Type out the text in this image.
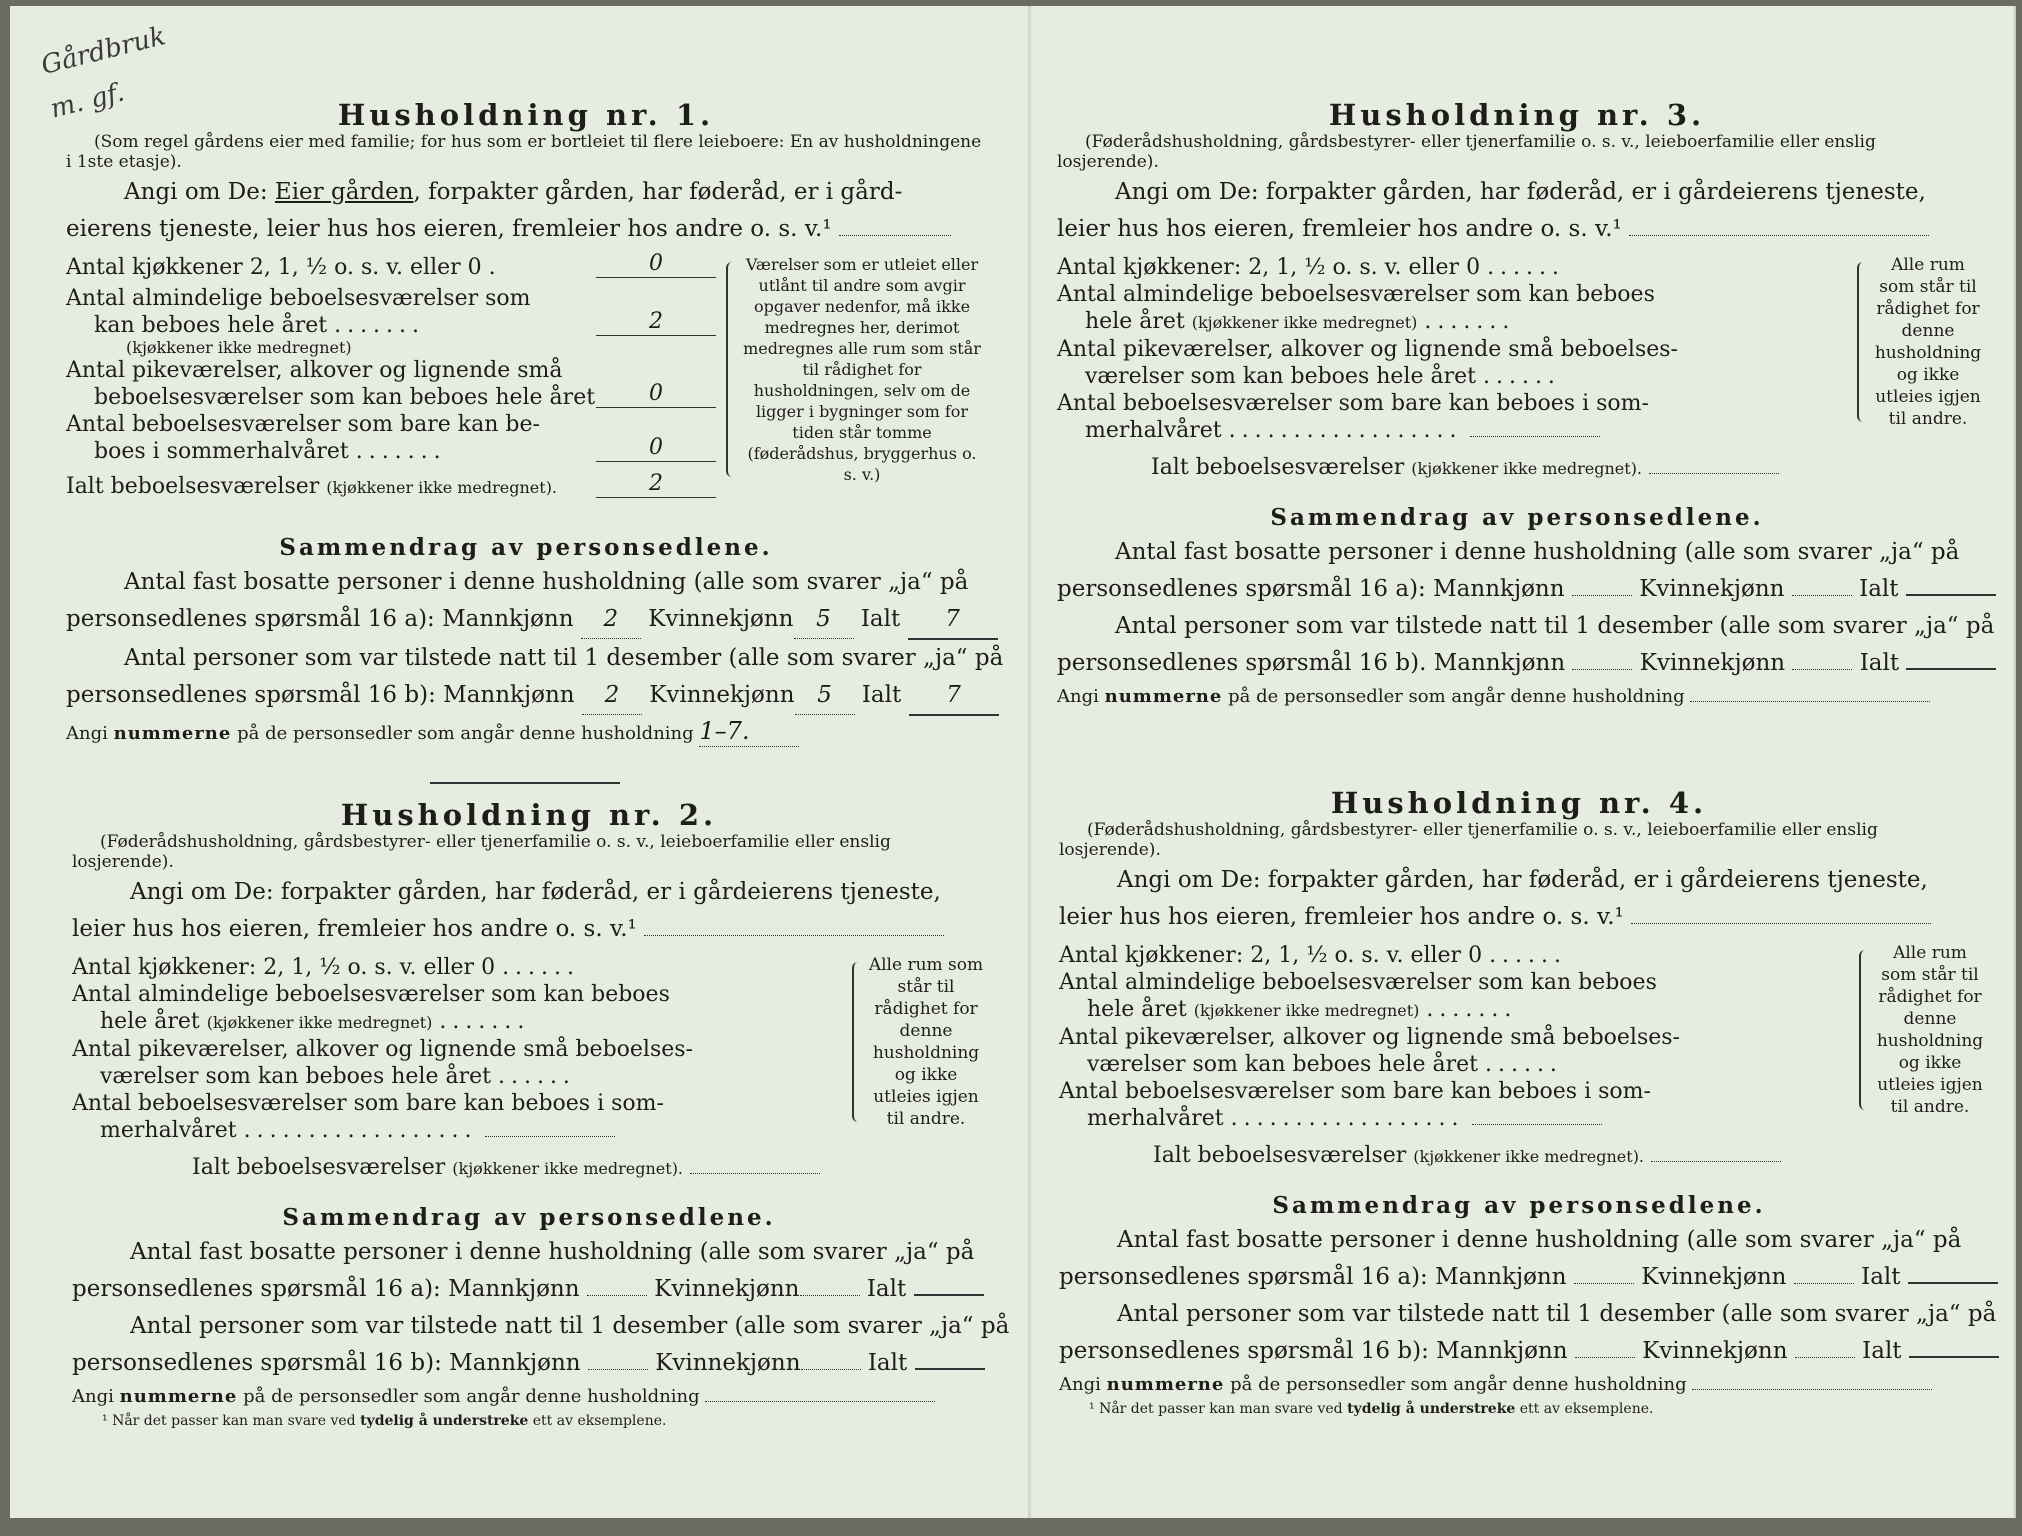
Gårdbruk
m. gf.	Husholdning nr. 1.

(Som regel gårdens eier med familie; for hus som er bortleiet til flere leieboere: En av husholdningene i 1ste etasje).

Angi om De: Eier gården, forpakter gården, har føderåd, er i gård-

eierens tjeneste, leier hus hos eieren, fremleier hos andre o. s. v.¹

Antal kjøkkener 2, 1, ½ o. s. v. eller 0 .	0
Antal almindelige beboelsesværelser som
kan beboes hele året .......	2
(kjøkkener ikke medregnet)
Antal pikeværelser, alkover og lignende små
beboelsesværelser som kan beboes hele året	0
Antal beboelsesværelser som bare kan be-
boes i sommerhalvåret .......	0
Ialt beboelsesværelser (kjøkkener ikke medregnet).	2
Værelser som er utleiet eller utlånt til andre som avgir opgaver nedenfor, må ikke medregnes her, derimot medregnes alle rum som står til rådighet for husholdningen, selv om de ligger i bygninger som for tiden står tomme (føderådshus, bryggerhus o. s. v.)
Sammendrag av personsedlene.

Antal fast bosatte personer i denne husholdning (alle som svarer „ja“ på

personsedlenes spørsmål 16 a): Mannkjønn 2 Kvinnekjønn 5 Ialt 7

Antal personer som var tilstede natt til 1 desember (alle som svarer „ja“ på

personsedlenes spørsmål 16 b): Mannkjønn 2 Kvinnekjønn 5 Ialt 7

Angi nummerne på de personsedler som angår denne husholdning 1–7.

Husholdning nr. 2.

(Føderådshusholdning, gårdsbestyrer- eller tjenerfamilie o. s. v., leieboerfamilie eller enslig losjerende).

Angi om De: forpakter gården, har føderåd, er i gårdeierens tjeneste,

leier hus hos eieren, fremleier hos andre o. s. v.¹

Antal kjøkkener: 2, 1, ½ o. s. v. eller 0 ......
Antal almindelige beboelsesværelser som kan beboes
hele året (kjøkkener ikke medregnet) .......
Antal pikeværelser, alkover og lignende små beboelses-
værelser som kan beboes hele året ......
Antal beboelsesværelser som bare kan beboes i som-
merhalvåret ..................
Ialt beboelsesværelser (kjøkkener ikke medregnet).
Alle rum som står til rådighet for denne husholdning og ikke utleies igjen til andre.
Sammendrag av personsedlene.

Antal fast bosatte personer i denne husholdning (alle som svarer „ja“ på

personsedlenes spørsmål 16 a): Mannkjønn	Kvinnekjønn	Ialt

Antal personer som var tilstede natt til 1 desember (alle som svarer „ja“ på

personsedlenes spørsmål 16 b): Mannkjønn	Kvinnekjønn	Ialt

Angi nummerne på de personsedler som angår denne husholdning

¹ Når det passer kan man svare ved tydelig å understreke ett av eksemplene.

Husholdning nr. 3.

(Føderådshusholdning, gårdsbestyrer- eller tjenerfamilie o. s. v., leieboerfamilie eller enslig losjerende).

Angi om De: forpakter gården, har føderåd, er i gårdeierens tjeneste,

leier hus hos eieren, fremleier hos andre o. s. v.¹

Antal kjøkkener: 2, 1, ½ o. s. v. eller 0 ......
Antal almindelige beboelsesværelser som kan beboes
hele året (kjøkkener ikke medregnet) .......
Antal pikeværelser, alkover og lignende små beboelses-
værelser som kan beboes hele året ......
Antal beboelsesværelser som bare kan beboes i som-
merhalvåret ..................
Ialt beboelsesværelser (kjøkkener ikke medregnet).
Alle rum som står til rådighet for denne husholdning og ikke utleies igjen til andre.
Sammendrag av personsedlene.

Antal fast bosatte personer i denne husholdning (alle som svarer „ja“ på

personsedlenes spørsmål 16 a): Mannkjønn	Kvinnekjønn	Ialt

Antal personer som var tilstede natt til 1 desember (alle som svarer „ja“ på

personsedlenes spørsmål 16 b). Mannkjønn	Kvinnekjønn	Ialt

Angi nummerne på de personsedler som angår denne husholdning

Husholdning nr. 4.

(Føderådshusholdning, gårdsbestyrer- eller tjenerfamilie o. s. v., leieboerfamilie eller enslig losjerende).

Angi om De: forpakter gården, har føderåd, er i gårdeierens tjeneste,

leier hus hos eieren, fremleier hos andre o. s. v.¹

Antal kjøkkener: 2, 1, ½ o. s. v. eller 0 ......
Antal almindelige beboelsesværelser som kan beboes
hele året (kjøkkener ikke medregnet) .......
Antal pikeværelser, alkover og lignende små beboelses-
værelser som kan beboes hele året ......
Antal beboelsesværelser som bare kan beboes i som-
merhalvåret ..................
Ialt beboelsesværelser (kjøkkener ikke medregnet).
Alle rum som står til rådighet for denne husholdning og ikke utleies igjen til andre.
Sammendrag av personsedlene.

Antal fast bosatte personer i denne husholdning (alle som svarer „ja“ på

personsedlenes spørsmål 16 a): Mannkjønn	Kvinnekjønn	Ialt

Antal personer som var tilstede natt til 1 desember (alle som svarer „ja“ på

personsedlenes spørsmål 16 b): Mannkjønn	Kvinnekjønn	Ialt

Angi nummerne på de personsedler som angår denne husholdning

¹ Når det passer kan man svare ved tydelig å understreke ett av eksemplene.
